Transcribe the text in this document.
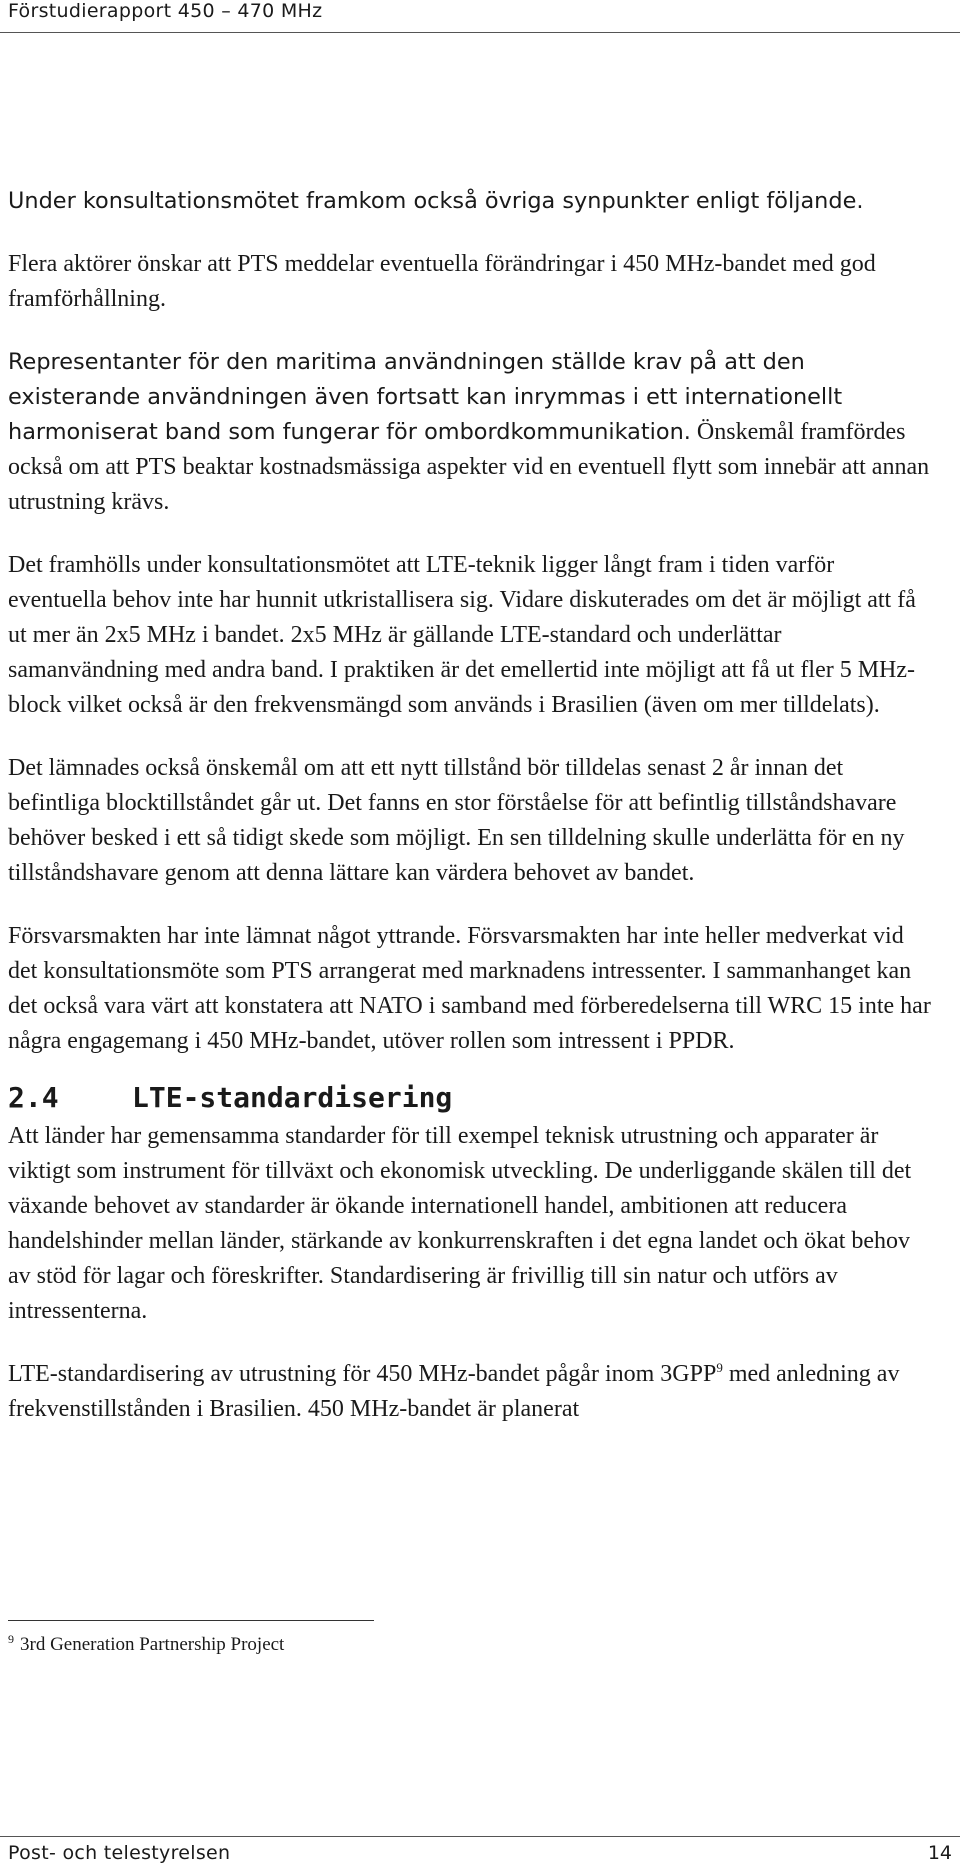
Förstudierapport 450 – 470 MHz

Under konsultationsmötet framkom också övriga synpunkter enligt följande.

Flera aktörer önskar att PTS meddelar eventuella förändringar i 450 MHz-bandet med god framförhållning.

Representanter för den maritima användningen ställde krav på att den existerande användningen även fortsatt kan inrymmas i ett internationellt harmoniserat band som fungerar för ombordkommunikation. Önskemål framfördes också om att PTS beaktar kostnadsmässiga aspekter vid en eventuell flytt som innebär att annan utrustning krävs.

Det framhölls under konsultationsmötet att LTE-teknik ligger långt fram i tiden varför eventuella behov inte har hunnit utkristallisera sig. Vidare diskuterades om det är möjligt att få ut mer än 2x5 MHz i bandet. 2x5 MHz är gällande LTE-standard och underlättar samanvändning med andra band. I praktiken är det emellertid inte möjligt att få ut fler 5 MHz-block vilket också är den frekvensmängd som används i Brasilien (även om mer tilldelats).

Det lämnades också önskemål om att ett nytt tillstånd bör tilldelas senast 2 år innan det befintliga blocktillståndet går ut. Det fanns en stor förståelse för att befintlig tillståndshavare behöver besked i ett så tidigt skede som möjligt. En sen tilldelning skulle underlätta för en ny tillståndshavare genom att denna lättare kan värdera behovet av bandet.

Försvarsmakten har inte lämnat något yttrande. Försvarsmakten har inte heller medverkat vid det konsultationsmöte som PTS arrangerat med marknadens intressenter. I sammanhanget kan det också vara värt att konstatera att NATO i samband med förberedelserna till WRC 15 inte har några engagemang i 450 MHz-bandet, utöver rollen som intressent i PPDR.

2.4	LTE-standardisering

Att länder har gemensamma standarder för till exempel teknisk utrustning och apparater är viktigt som instrument för tillväxt och ekonomisk utveckling. De underliggande skälen till det växande behovet av standarder är ökande internationell handel, ambitionen att reducera handelshinder mellan länder, stärkande av konkurrenskraften i det egna landet och ökat behov av stöd för lagar och föreskrifter. Standardisering är frivillig till sin natur och utförs av intressenterna.

LTE-standardisering av utrustning för 450 MHz-bandet pågår inom 3GPP$^9$ med anledning av frekvenstillstånden i Brasilien. 450 MHz-bandet är planerat

$^9$ 3rd Generation Partnership Project
Post- och telestyrelsen	14
